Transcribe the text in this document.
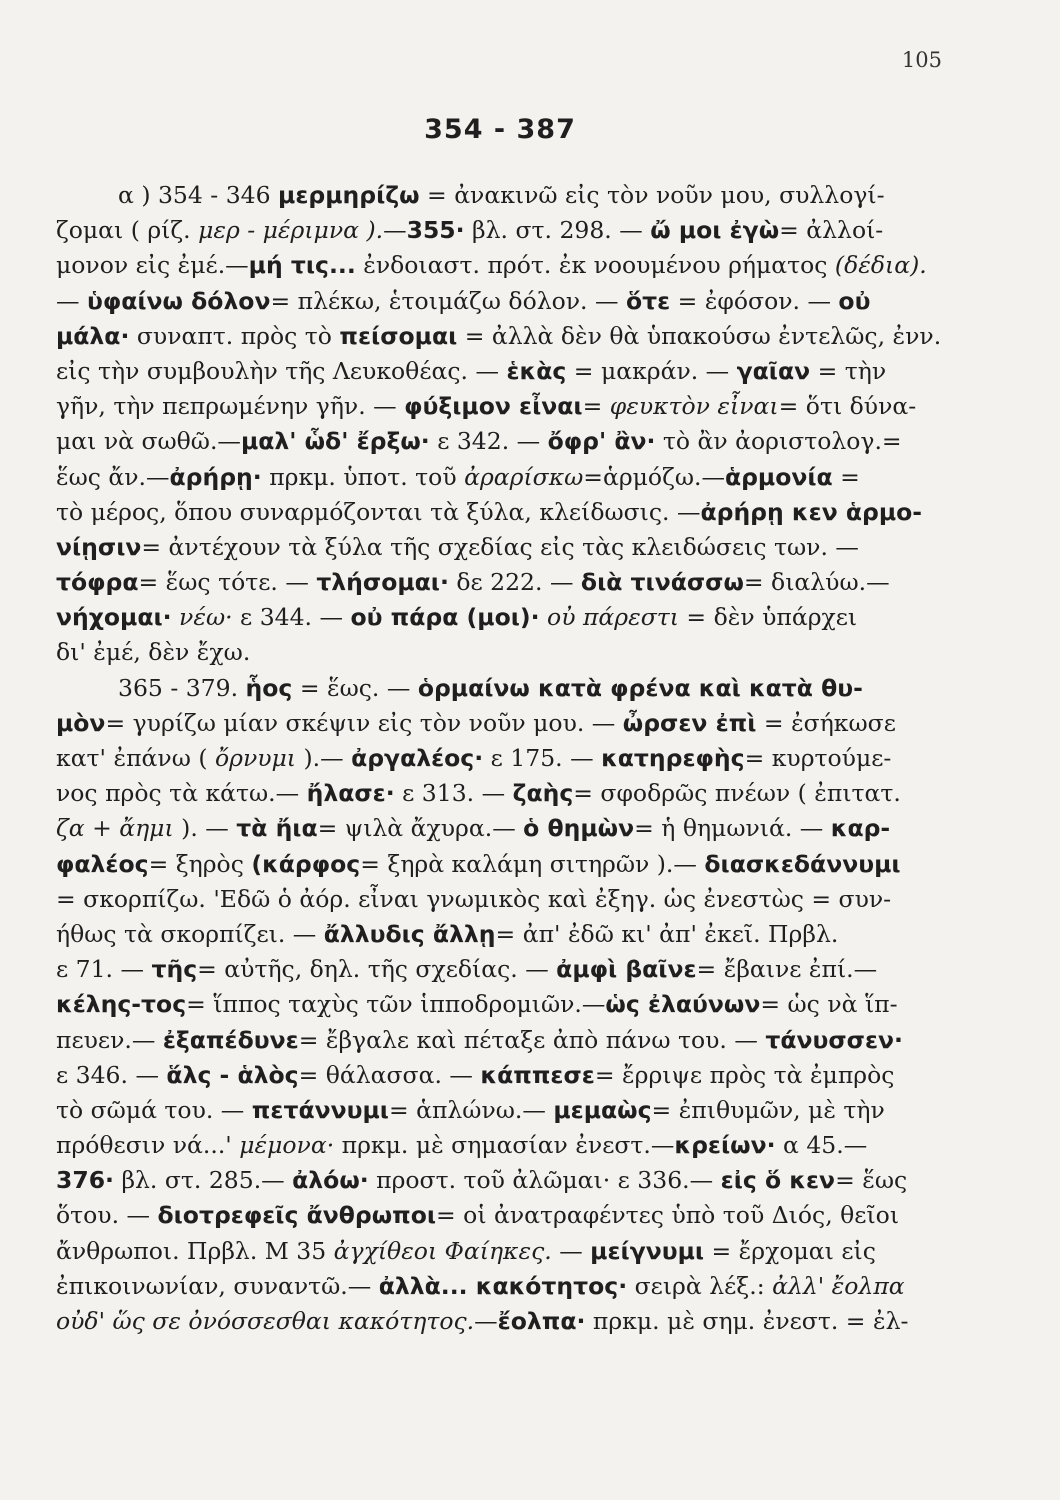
105
354 - 387
α ) 354 - 346 μερμηρίζω = ἀνακινῶ εἰς τὸν νοῦν μου, συλλογί-
ζομαι ( ρίζ. μερ - μέριμνα ).—355· βλ. στ. 298. — ὤ μοι ἐγὼ= ἀλλοί-
μονον εἰς ἐμέ.—μή τις... ἐνδοιαστ. πρότ. ἐκ νοουμένου ρήματος (δέδια).
— ὑφαίνω δόλον= πλέκω, ἑτοιμάζω δόλον. — ὅτε = ἐφόσον. — οὐ
μάλα· συναπτ. πρὸς τὸ πείσομαι = ἀλλὰ δὲν θὰ ὑπακούσω ἐντελῶς, ἐνν.
εἰς τὴν συμβουλὴν τῆς Λευκοθέας. — ἑκὰς = μακράν. — γαῖαν = τὴν
γῆν, τὴν πεπρωμένην γῆν. — φύξιμον εἶναι= φευκτὸν εἶναι= ὅτι δύνα-
μαι νὰ σωθῶ.—μαλ' ὧδ' ἔρξω· ε 342. — ὄφρ' ἂν· τὸ ἂν ἀοριστολογ.=
ἕως ἄν.—ἀρήρῃ· πρκμ. ὑποτ. τοῦ ἀραρίσκω=ἁρμόζω.—ἁρμονία =
τὸ μέρος, ὅπου συναρμόζονται τὰ ξύλα, κλείδωσις. —ἀρήρῃ κεν ἁρμο-
νίῃσιν= ἀντέχουν τὰ ξύλα τῆς σχεδίας εἰς τὰς κλειδώσεις των. —
τόφρα= ἕως τότε. — τλήσομαι· δε 222. — διὰ τινάσσω= διαλύω.—
νήχομαι· νέω· ε 344. — οὐ πάρα (μοι)· οὐ πάρεστι = δὲν ὑπάρχει
δι' ἐμέ, δὲν ἔχω.
365 - 379. ἧος = ἕως. — ὁρμαίνω κατὰ φρένα καὶ κατὰ θυ-
μὸν= γυρίζω μίαν σκέψιν εἰς τὸν νοῦν μου. — ὦρσεν ἐπὶ = ἐσήκωσε
κατ' ἐπάνω ( ὄρνυμι ).— ἀργαλέος· ε 175. — κατηρεφὴς= κυρτούμε-
νος πρὸς τὰ κάτω.— ἤλασε· ε 313. — ζαὴς= σφοδρῶς πνέων ( ἐπιτατ.
ζα + ἄημι ). — τὰ ἤια= ψιλὰ ἄχυρα.— ὁ θημὼν= ἡ θημωνιά. — καρ-
φαλέος= ξηρὸς (κάρφος= ξηρὰ καλάμη σιτηρῶν ).— διασκεδάννυμι
= σκορπίζω. 'Εδῶ ὁ ἀόρ. εἶναι γνωμικὸς καὶ ἐξηγ. ὡς ἐνεστὼς = συν-
ήθως τὰ σκορπίζει. — ἄλλυδις ἄλλῃ= ἀπ' ἐδῶ κι' ἀπ' ἐκεῖ. Πρβλ.
ε 71. — τῆς= αὐτῆς, δηλ. τῆς σχεδίας. — ἀμφὶ βαῖνε= ἔβαινε ἐπί.—
κέλης-τος= ἵππος ταχὺς τῶν ἱπποδρομιῶν.—ὡς ἐλαύνων= ὡς νὰ ἵπ-
πευεν.— ἐξαπέδυνε= ἔβγαλε καὶ πέταξε ἀπὸ πάνω του. — τάνυσσεν·
ε 346. — ἅλς - ἁλὸς= θάλασσα. — κάππεσε= ἔρριψε πρὸς τὰ ἐμπρὸς
τὸ σῶμά του. — πετάννυμι= ἁπλώνω.— μεμαὼς= ἐπιθυμῶν, μὲ τὴν
πρόθεσιν νά...' μέμονα· πρκμ. μὲ σημασίαν ἐνεστ.—κρείων· α 45.—
376· βλ. στ. 285.— ἀλόω· προστ. τοῦ ἀλῶμαι· ε 336.— εἰς ὅ κεν= ἕως
ὅτου. — διοτρεφεῖς ἄνθρωποι= οἱ ἀνατραφέντες ὑπὸ τοῦ Διός, θεῖοι
ἄνθρωποι. Πρβλ. Μ 35 ἀγχίθεοι Φαίηκες. — μείγνυμι = ἔρχομαι εἰς
ἐπικοινωνίαν, συναντῶ.— ἀλλὰ... κακότητος· σειρὰ λέξ.: ἀλλ' ἔολπα
οὐδ' ὥς σε ὀνόσσεσθαι κακότητος.—ἔολπα· πρκμ. μὲ σημ. ἐνεστ. = ἐλ-
